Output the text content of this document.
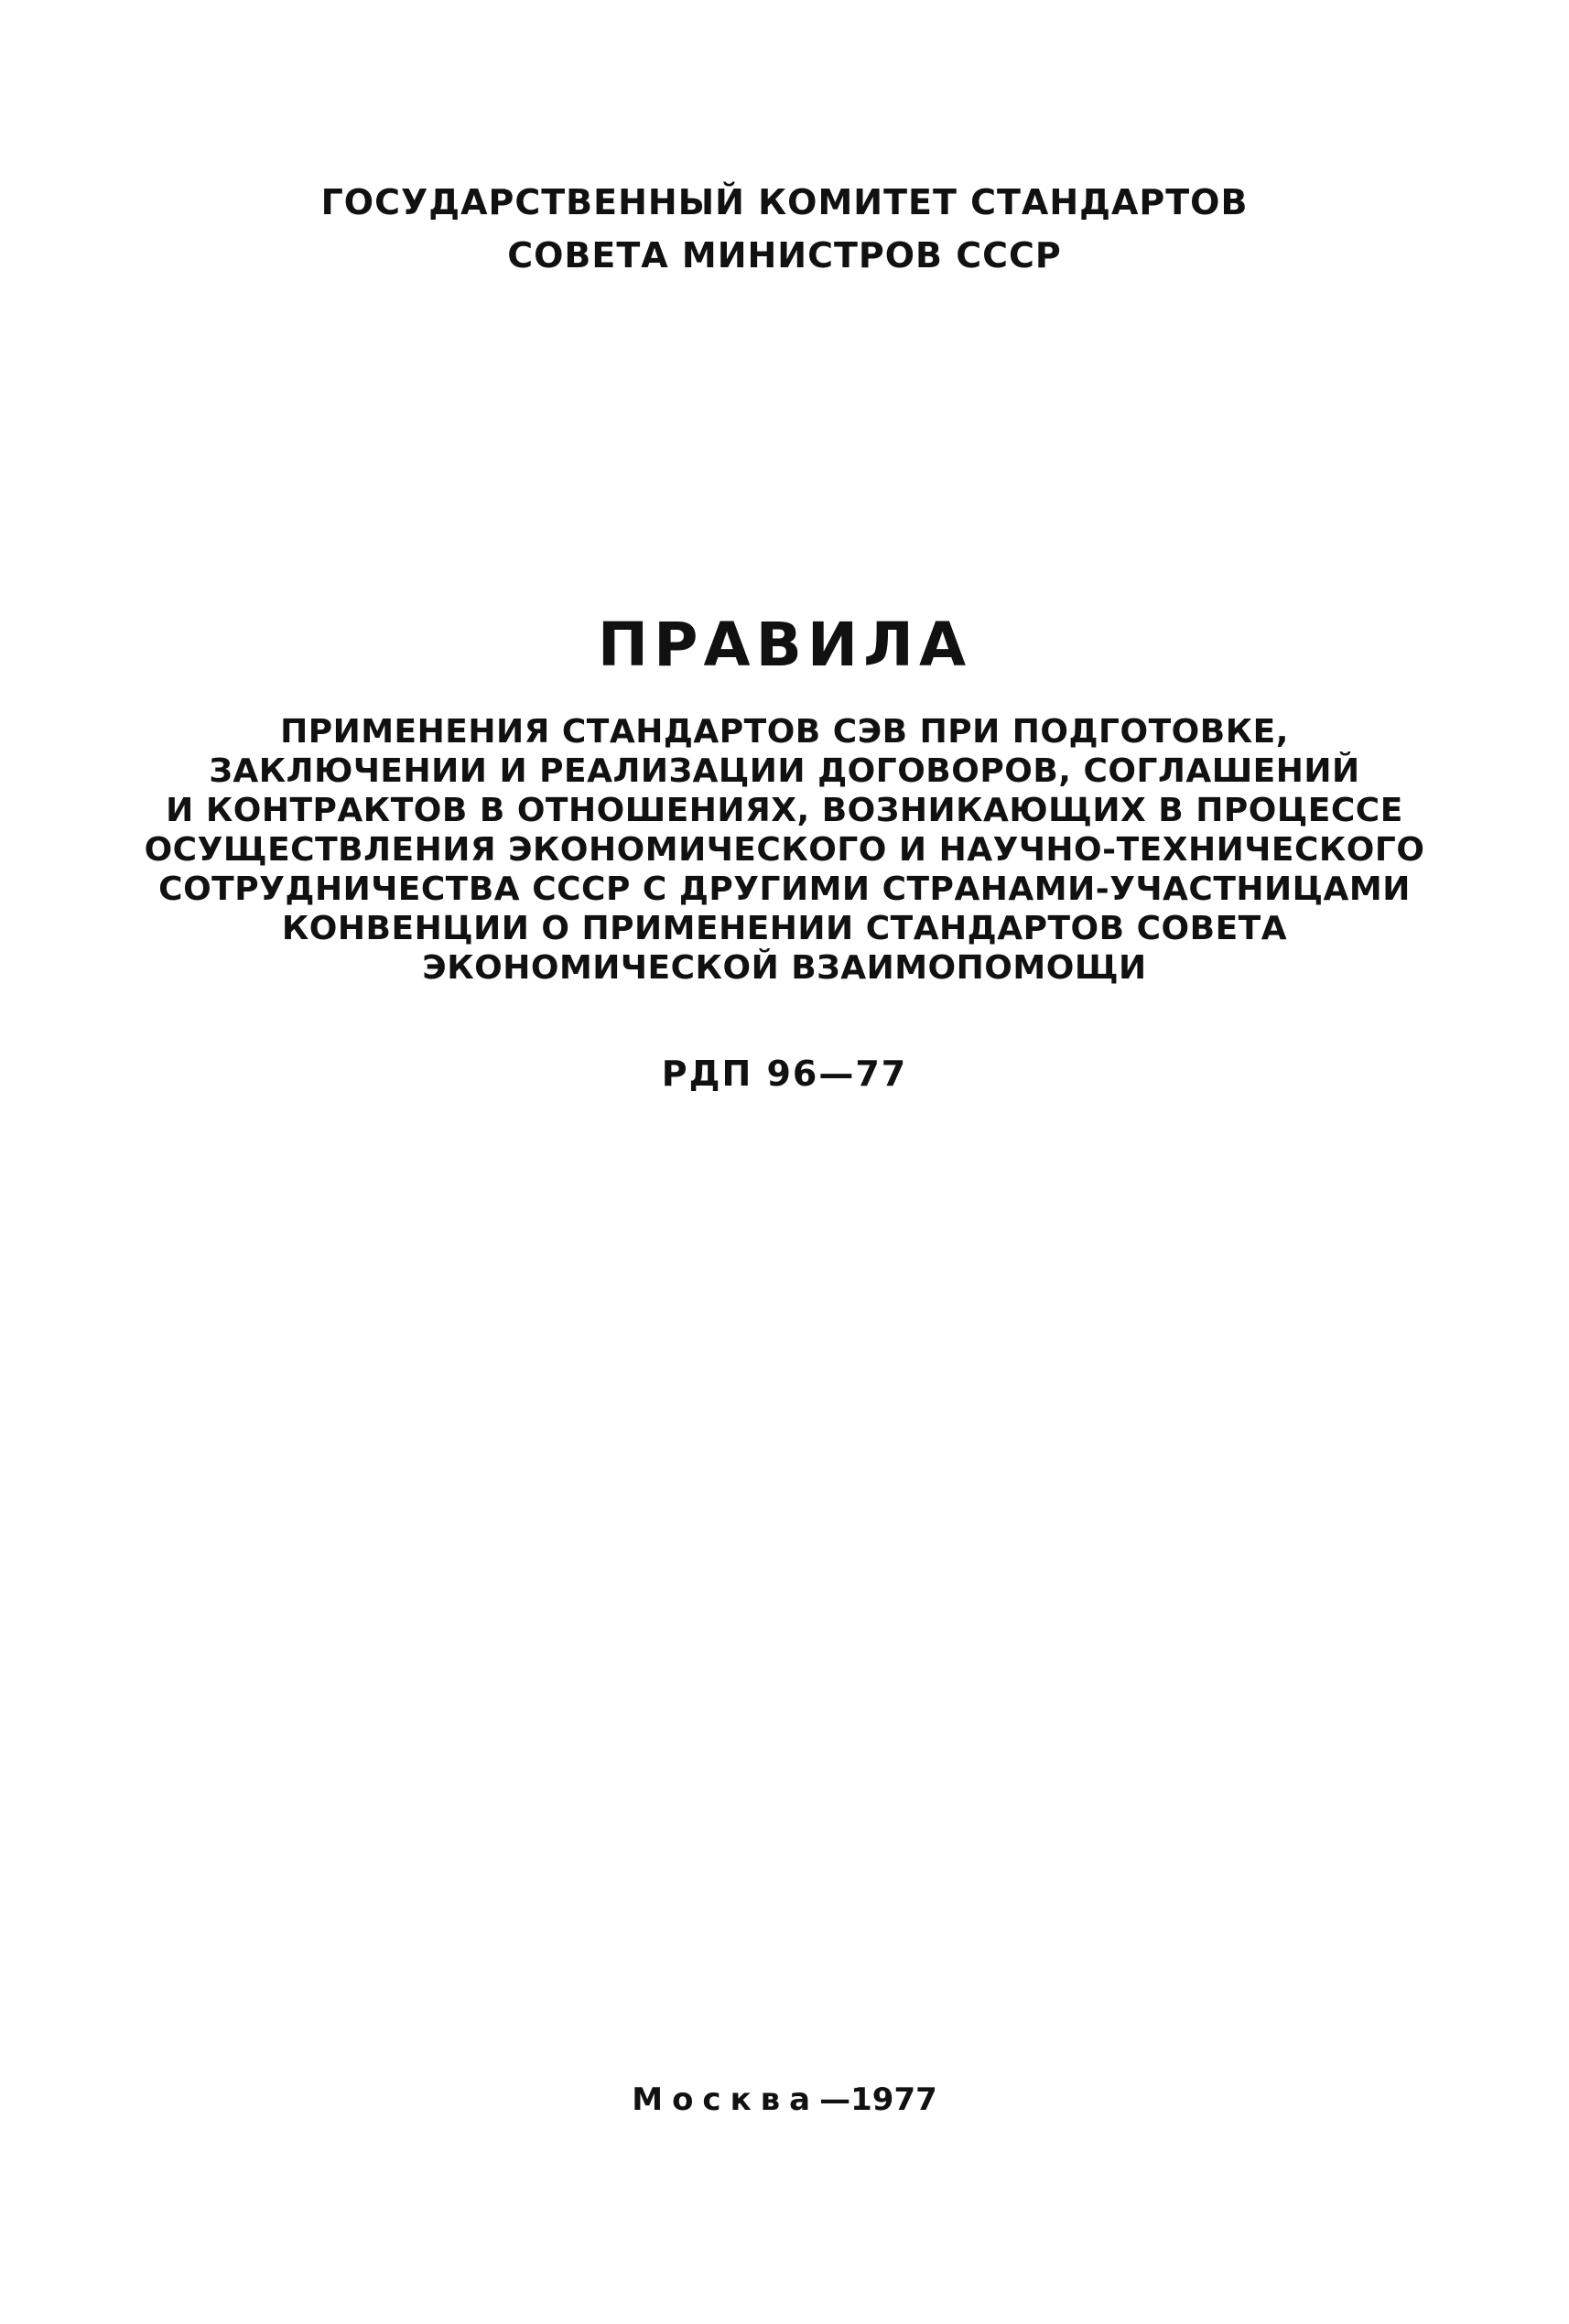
ГОСУДАРСТВЕННЫЙ КОМИТЕТ СТАНДАРТОВ
СОВЕТА МИНИСТРОВ СССР
ПРАВИЛА
ПРИМЕНЕНИЯ СТАНДАРТОВ СЭВ ПРИ ПОДГОТОВКЕ,
ЗАКЛЮЧЕНИИ И РЕАЛИЗАЦИИ ДОГОВОРОВ, СОГЛАШЕНИЙ
И КОНТРАКТОВ В ОТНОШЕНИЯХ, ВОЗНИКАЮЩИХ В ПРОЦЕССЕ
ОСУЩЕСТВЛЕНИЯ ЭКОНОМИЧЕСКОГО И НАУЧНО-ТЕХНИЧЕСКОГО
СОТРУДНИЧЕСТВА СССР С ДРУГИМИ СТРАНАМИ-УЧАСТНИЦАМИ
КОНВЕНЦИИ О ПРИМЕНЕНИИ СТАНДАРТОВ СОВЕТА
ЭКОНОМИЧЕСКОЙ ВЗАИМОПОМОЩИ
РДП 96—77
Москва—1977
